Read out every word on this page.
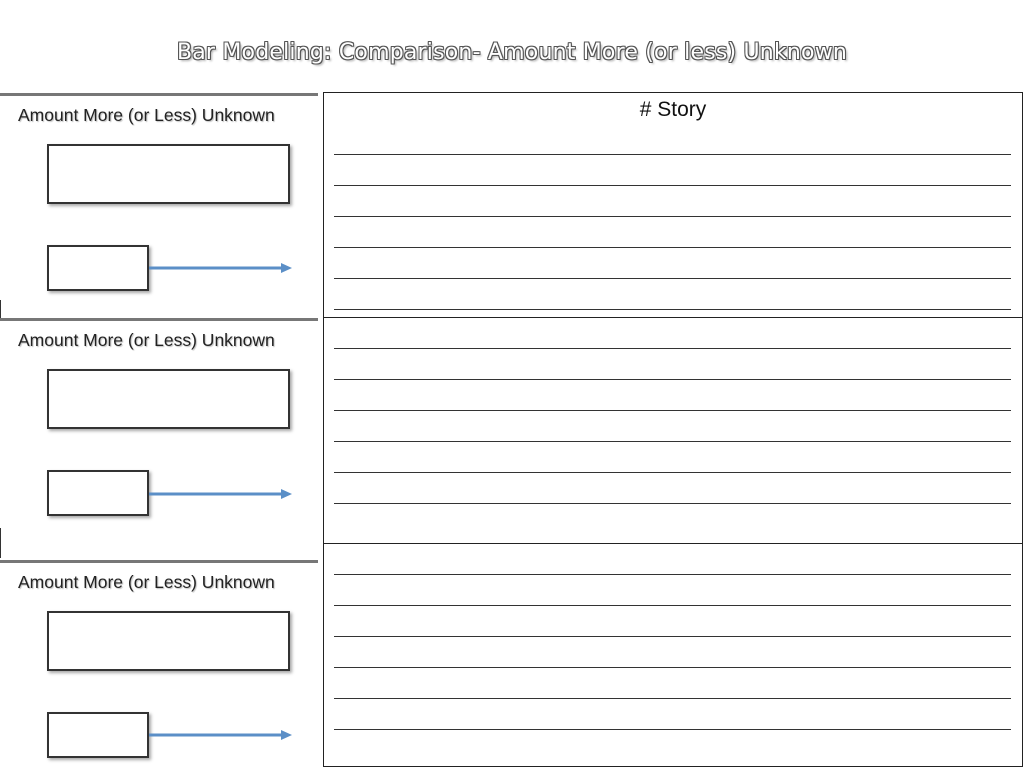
Bar Modeling: Comparison- Amount More (or less) Unknown
# Story
Amount More (or Less) Unknown
Amount More (or Less) Unknown
Amount More (or Less) Unknown
